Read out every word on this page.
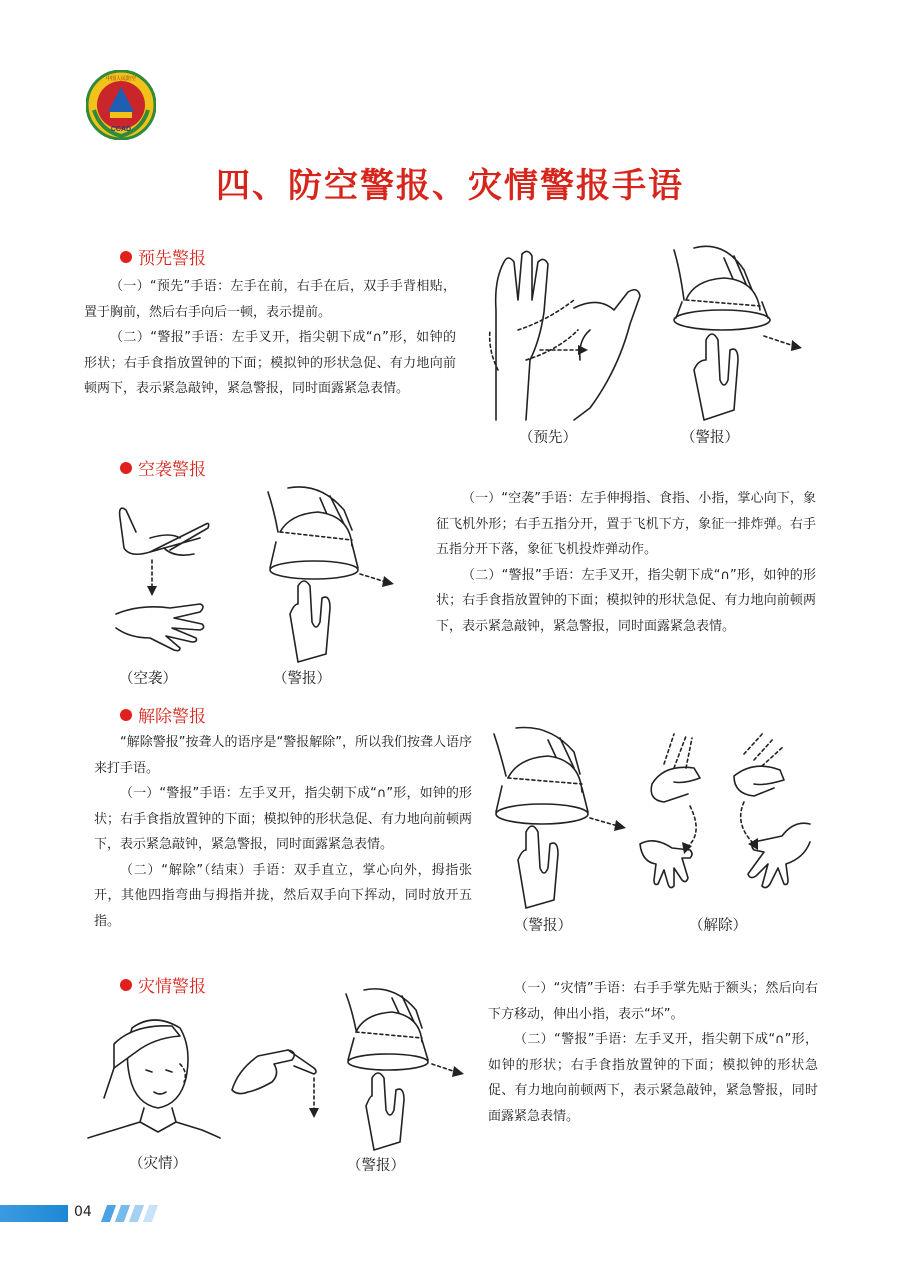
CCAD
中国人民防空
四、防空警报、灾情警报手语
预先警报

（一）“预先”手语：左手在前，右手在后，双手手背相贴，置于胸前，然后右手向后一顿，表示提前。

（二）“警报”手语：左手叉开，指尖朝下成“∩”形，如钟的形状；右手食指放置钟的下面；模拟钟的形状急促、有力地向前顿两下，表示紧急敲钟，紧急警报，同时面露紧急表情。

（预先）	（警报）
空袭警报
（空袭）	（警报）

（一）“空袭”手语：左手伸拇指、食指、小指，掌心向下，象征飞机外形；右手五指分开，置于飞机下方，象征一排炸弹。右手五指分开下落，象征飞机投炸弹动作。

（二）“警报”手语：左手叉开，指尖朝下成“∩”形，如钟的形状；右手食指放置钟的下面；模拟钟的形状急促、有力地向前顿两下，表示紧急敲钟，紧急警报，同时面露紧急表情。

解除警报

“解除警报”按聋人的语序是“警报解除”，所以我们按聋人语序来打手语。

（一）“警报”手语：左手叉开，指尖朝下成“∩”形，如钟的形状；右手食指放置钟的下面；模拟钟的形状急促、有力地向前顿两下，表示紧急敲钟，紧急警报，同时面露紧急表情。

（二）“解除”（结束）手语：双手直立，掌心向外，拇指张开，其他四指弯曲与拇指并拢，然后双手向下挥动，同时放开五指。	（警报）	（解除）
灾情警报
（灾情）	（警报）

（一）“灾情”手语：右手手掌先贴于额头；然后向右下方移动，伸出小指，表示“坏”。

（二）“警报”手语：左手叉开，指尖朝下成“∩”形，如钟的形状；右手食指放置钟的下面；模拟钟的形状急促、有力地向前顿两下，表示紧急敲钟，紧急警报，同时面露紧急表情。

04
